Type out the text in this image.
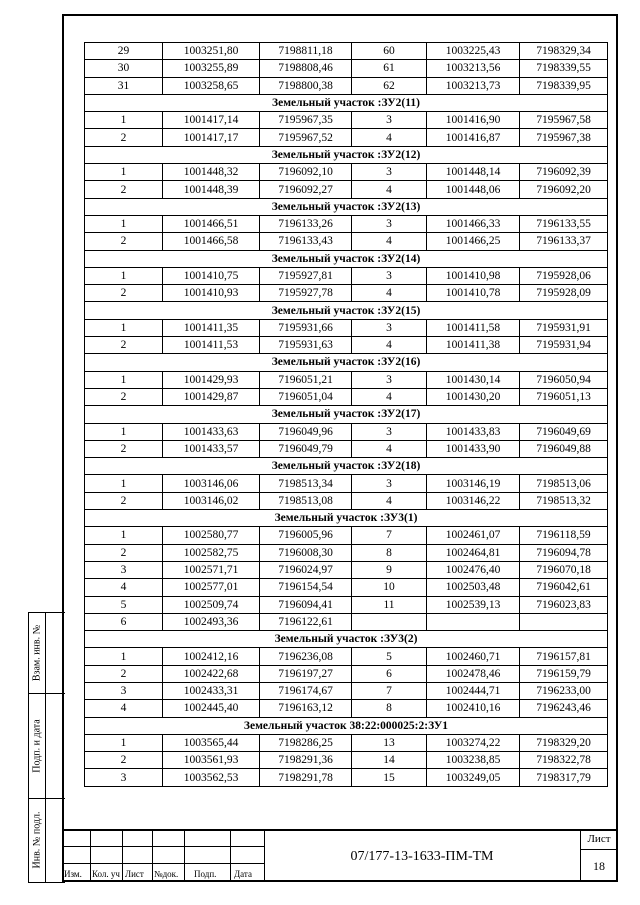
29	1003251,80	7198811,18	60	1003225,43	7198329,34
30	1003255,89	7198808,46	61	1003213,56	7198339,55
31	1003258,65	7198800,38	62	1003213,73	7198339,95
Земельный участок :ЗУ2(11)					
1	1001417,14	7195967,35	3	1001416,90	7195967,58
2	1001417,17	7195967,52	4	1001416,87	7195967,38
Земельный участок :ЗУ2(12)					
1	1001448,32	7196092,10	3	1001448,14	7196092,39
2	1001448,39	7196092,27	4	1001448,06	7196092,20
Земельный участок :ЗУ2(13)					
1	1001466,51	7196133,26	3	1001466,33	7196133,55
2	1001466,58	7196133,43	4	1001466,25	7196133,37
Земельный участок :ЗУ2(14)					
1	1001410,75	7195927,81	3	1001410,98	7195928,06
2	1001410,93	7195927,78	4	1001410,78	7195928,09
Земельный участок :ЗУ2(15)					
1	1001411,35	7195931,66	3	1001411,58	7195931,91
2	1001411,53	7195931,63	4	1001411,38	7195931,94
Земельный участок :ЗУ2(16)					
1	1001429,93	7196051,21	3	1001430,14	7196050,94
2	1001429,87	7196051,04	4	1001430,20	7196051,13
Земельный участок :ЗУ2(17)					
1	1001433,63	7196049,96	3	1001433,83	7196049,69
2	1001433,57	7196049,79	4	1001433,90	7196049,88
Земельный участок :ЗУ2(18)					
1	1003146,06	7198513,34	3	1003146,19	7198513,06
2	1003146,02	7198513,08	4	1003146,22	7198513,32
Земельный участок :ЗУ3(1)					
1	1002580,77	7196005,96	7	1002461,07	7196118,59
2	1002582,75	7196008,30	8	1002464,81	7196094,78
3	1002571,71	7196024,97	9	1002476,40	7196070,18
4	1002577,01	7196154,54	10	1002503,48	7196042,61
5	1002509,74	7196094,41	11	1002539,13	7196023,83
6	1002493,36	7196122,61			
Земельный участок :ЗУ3(2)					
1	1002412,16	7196236,08	5	1002460,71	7196157,81
2	1002422,68	7196197,27	6	1002478,46	7196159,79
3	1002433,31	7196174,67	7	1002444,71	7196233,00
4	1002445,40	7196163,12	8	1002410,16	7196243,46
Земельный участок 38:22:000025:2:ЗУ1					
1	1003565,44	7198286,25	13	1003274,22	7198329,20
2	1003561,93	7198291,36	14	1003238,85	7198322,78
3	1003562,53	7198291,78	15	1003249,05	7198317,79
Взам. инв. №
Подп. и дата
Инв. № подл.
Изм. Кол. уч Лист №док. Подп. Дата
07/177-13-1633-ПМ-ТМ
Лист
18
